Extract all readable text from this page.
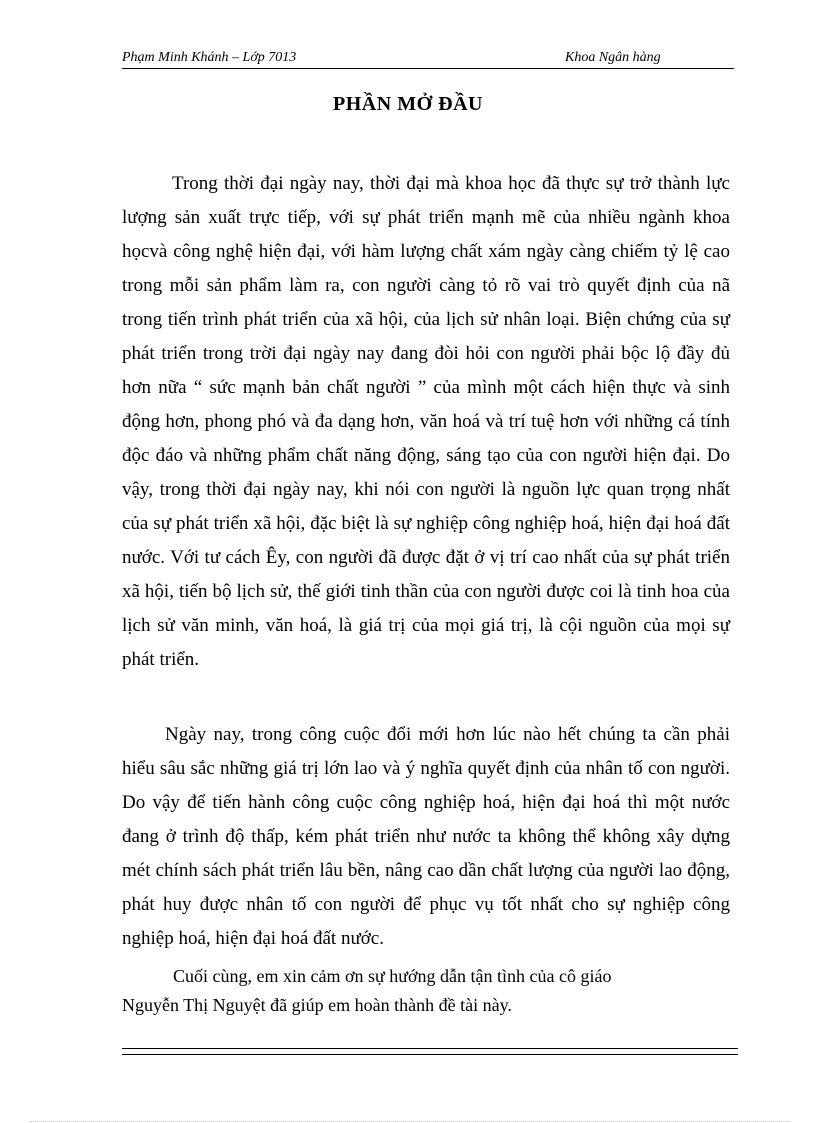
Phạm Minh Khánh – Lớp 7013	Khoa Ngân hàng
PHẦN MỞ ĐẦU

Trong thời đại ngày nay, thời đại mà khoa học đã thực sự trở thành lực lượng sản xuất trực tiếp, với sự phát triển mạnh mẽ của nhiều ngành khoa họcvà công nghệ hiện đại, với hàm lượng chất xám ngày càng chiếm tỷ lệ cao trong mỗi sản phẩm làm ra, con người càng tỏ rõ vai trò quyết định của nã trong tiến trình phát triển của xã hội, của lịch sử nhân loại. Biện chứng của sự phát triển trong trời đại ngày nay đang đòi hỏi con người phải bộc lộ đầy đủ hơn nữa “ sức mạnh bản chất người ” của mình một cách hiện thực và sinh động hơn, phong phó và đa dạng hơn, văn hoá và trí tuệ hơn với những cá tính độc đáo và những phẩm chất năng động, sáng tạo của con người hiện đại. Do vậy, trong thời đại ngày nay, khi nói con người là nguồn lực quan trọng nhất của sự phát triển xã hội, đặc biệt là sự nghiệp công nghiệp hoá, hiện đại hoá đất nước. Với tư cách Êy, con người đã được đặt ở vị trí cao nhất của sự phát triển xã hội, tiến bộ lịch sử, thế giới tinh thần của con người được coi là tinh hoa của lịch sử văn minh, văn hoá, là giá trị của mọi giá trị, là cội nguồn của mọi sự phát triển.

Ngày nay, trong công cuộc đổi mới hơn lúc nào hết chúng ta cần phải hiểu sâu sắc những giá trị lớn lao và ý nghĩa quyết định của nhân tố con người. Do vậy để tiến hành công cuộc công nghiệp hoá, hiện đại hoá thì một nước đang ở trình độ thấp, kém phát triển như nước ta không thể không xây dựng mét chính sách phát triển lâu bền, nâng cao dần chất lượng của người lao động, phát huy được nhân tố con người để phục vụ tốt nhất cho sự nghiệp công nghiệp hoá, hiện đại hoá đất nước.

Cuối cùng, em xin cảm ơn sự hướng dẫn tận tình của cô giáo
Nguyễn Thị Nguyệt đã giúp em hoàn thành đề tài này.
